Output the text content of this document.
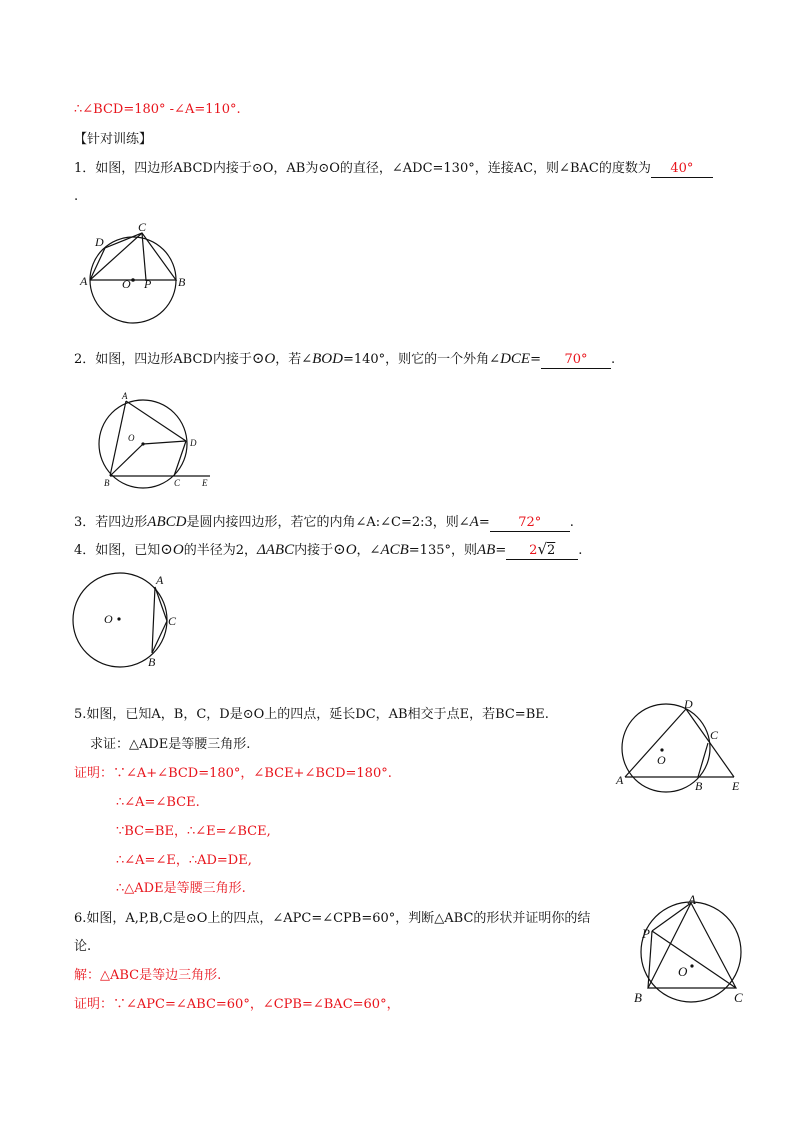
∴∠BCD=180° -∠A=110°.
【针对训练】
1．如图，四边形ABCD内接于⊙O，AB为⊙O的直径，∠ADC=130°，连接AC，则∠BAC的度数为 40°
.
A	B
C
D
O P
2．如图，四边形ABCD内接于⊙O，若∠BOD=140°，则它的一个外角∠DCE= 70° .
A
O	D
B	C E
3．若四边形ABCD是圆内接四边形，若它的内角∠A:∠C=2:3，则∠A= 72° .
4．如图，已知⊙O的半径为2，ΔABC内接于⊙O，∠ACB=135°，则AB= 2√2 .
A
C
B
O
5.如图，已知A，B，C，D是⊙O上的四点，延长DC，AB相交于点E，若BC=BE.
求证：△ADE是等腰三角形.
证明：∵∠A+∠BCD=180°，∠BCE+∠BCD=180°.
∴∠A=∠BCE.
∵BC=BE，∴∠E=∠BCE,
∴∠A=∠E，∴AD=DE,
∴△ADE是等腰三角形.
D
C
O
A	B E
6.如图，A,P,B,C是⊙O上的四点，∠APC=∠CPB=60°，判断△ABC的形状并证明你的结
论.
解：△ABC是等边三角形.
证明：∵∠APC=∠ABC=60°，∠CPB=∠BAC=60°，
A
P
O
B	C
